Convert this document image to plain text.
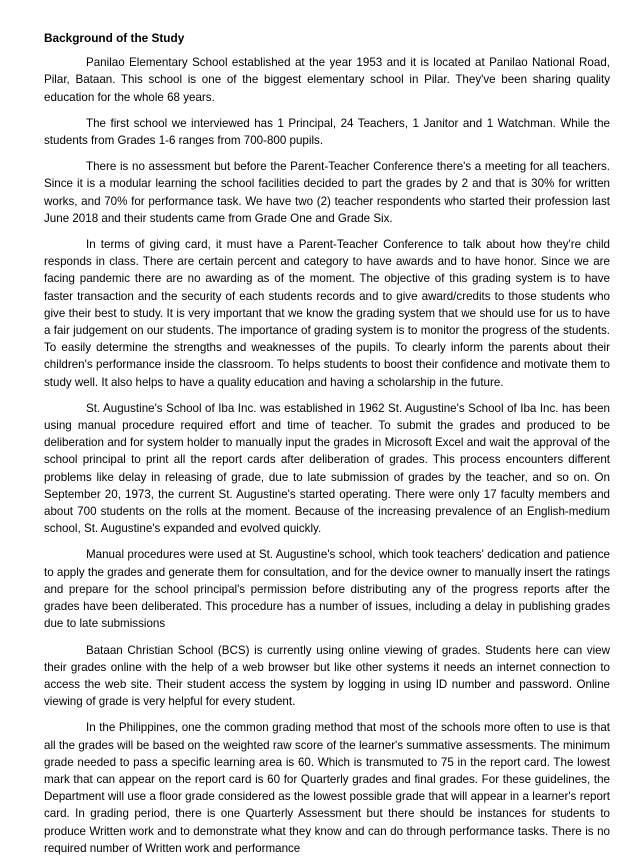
Background of the Study

Panilao Elementary School established at the year 1953 and it is located at Panilao National Road, Pilar, Bataan. This school is one of the biggest elementary school in Pilar. They've been sharing quality education for the whole 68 years.

The first school we interviewed has 1 Principal, 24 Teachers, 1 Janitor and 1 Watchman. While the students from Grades 1-6 ranges from 700-800 pupils.

There is no assessment but before the Parent-Teacher Conference there's a meeting for all teachers. Since it is a modular learning the school facilities decided to part the grades by 2 and that is 30% for written works, and 70% for performance task. We have two (2) teacher respondents who started their profession last June 2018 and their students came from Grade One and Grade Six.

In terms of giving card, it must have a Parent-Teacher Conference to talk about how they're child responds in class. There are certain percent and category to have awards and to have honor. Since we are facing pandemic there are no awarding as of the moment. The objective of this grading system is to have faster transaction and the security of each students records and to give award/credits to those students who give their best to study. It is very important that we know the grading system that we should use for us to have a fair judgement on our students. The importance of grading system is to monitor the progress of the students. To easily determine the strengths and weaknesses of the pupils. To clearly inform the parents about their children's performance inside the classroom. To helps students to boost their confidence and motivate them to study well. It also helps to have a quality education and having a scholarship in the future.

St. Augustine's School of Iba Inc. was established in 1962 St. Augustine's School of Iba Inc. has been using manual procedure required effort and time of teacher. To submit the grades and produced to be deliberation and for system holder to manually input the grades in Microsoft Excel and wait the approval of the school principal to print all the report cards after deliberation of grades. This process encounters different problems like delay in releasing of grade, due to late submission of grades by the teacher, and so on. On September 20, 1973, the current St. Augustine's started operating. There were only 17 faculty members and about 700 students on the rolls at the moment. Because of the increasing prevalence of an English-medium school, St. Augustine's expanded and evolved quickly.

Manual procedures were used at St. Augustine's school, which took teachers' dedication and patience to apply the grades and generate them for consultation, and for the device owner to manually insert the ratings and prepare for the school principal's permission before distributing any of the progress reports after the grades have been deliberated. This procedure has a number of issues, including a delay in publishing grades due to late submissions

Bataan Christian School (BCS) is currently using online viewing of grades. Students here can view their grades online with the help of a web browser but like other systems it needs an internet connection to access the web site. Their student access the system by logging in using ID number and password. Online viewing of grade is very helpful for every student.

In the Philippines, one the common grading method that most of the schools more often to use is that all the grades will be based on the weighted raw score of the learner's summative assessments. The minimum grade needed to pass a specific learning area is 60. Which is transmuted to 75 in the report card. The lowest mark that can appear on the report card is 60 for Quarterly grades and final grades. For these guidelines, the Department will use a floor grade considered as the lowest possible grade that will appear in a learner's report card. In grading period, there is one Quarterly Assessment but there should be instances for students to produce Written work and to demonstrate what they know and can do through performance tasks. There is no required number of Written work and performance
